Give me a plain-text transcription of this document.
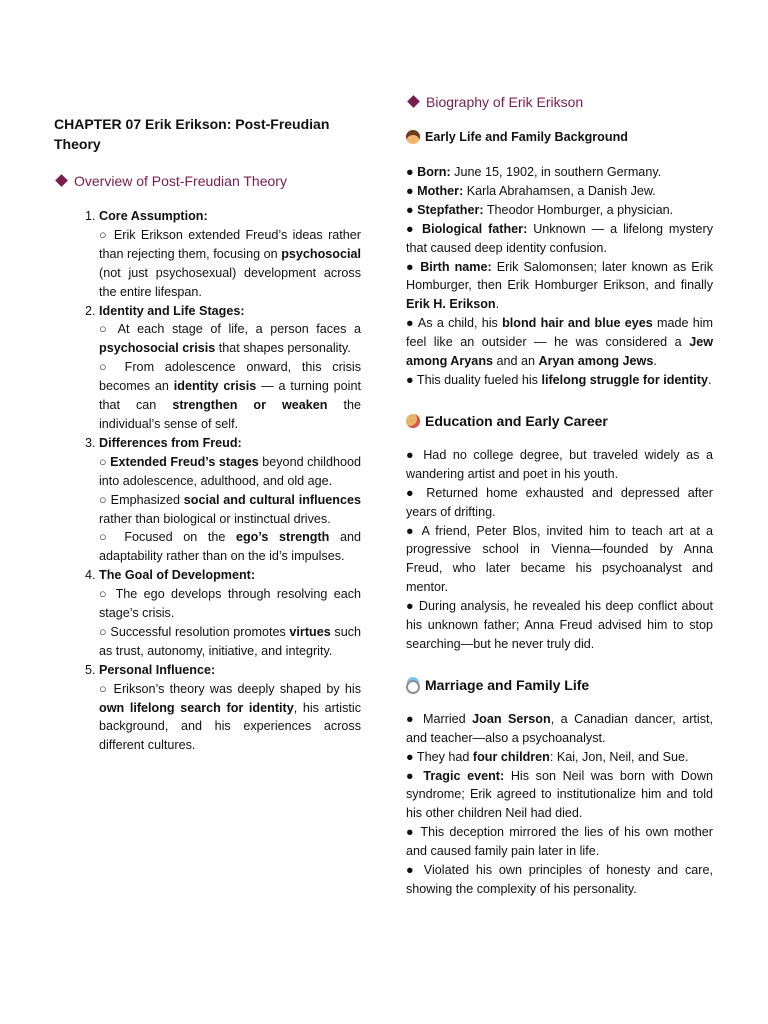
CHAPTER 07 Erik Erikson: Post-Freudian Theory

Overview of Post-Freudian Theory

1. Core Assumption:
○ Erik Erikson extended Freud’s ideas rather than rejecting them, focusing on psychosocial (not just psychosexual) development across the entire lifespan.
2. Identity and Life Stages:
○ At each stage of life, a person faces a psychosocial crisis that shapes personality.
○ From adolescence onward, this crisis becomes an identity crisis — a turning point that can strengthen or weaken the individual’s sense of self.
3. Differences from Freud:
○ Extended Freud’s stages beyond childhood into adolescence, adulthood, and old age.
○ Emphasized social and cultural influences rather than biological or instinctual drives.
○ Focused on the ego’s strength and adaptability rather than on the id’s impulses.
4. The Goal of Development:
○ The ego develops through resolving each stage’s crisis.
○ Successful resolution promotes virtues such as trust, autonomy, initiative, and integrity.
5. Personal Influence:
○ Erikson’s theory was deeply shaped by his own lifelong search for identity, his artistic background, and his experiences across different cultures.

Biography of Erik Erikson

Early Life and Family Background

● Born: June 15, 1902, in southern Germany.

● Mother: Karla Abrahamsen, a Danish Jew.

● Stepfather: Theodor Homburger, a physician.

● Biological father: Unknown — a lifelong mystery that caused deep identity confusion.

● Birth name: Erik Salomonsen; later known as Erik Homburger, then Erik Homburger Erikson, and finally Erik H. Erikson.

● As a child, his blond hair and blue eyes made him feel like an outsider — he was considered a Jew among Aryans and an Aryan among Jews.

● This duality fueled his lifelong struggle for identity.

Education and Early Career

● Had no college degree, but traveled widely as a wandering artist and poet in his youth.

● Returned home exhausted and depressed after years of drifting.

● A friend, Peter Blos, invited him to teach art at a progressive school in Vienna—founded by Anna Freud, who later became his psychoanalyst and mentor.

● During analysis, he revealed his deep conflict about his unknown father; Anna Freud advised him to stop searching—but he never truly did.

Marriage and Family Life

● Married Joan Serson, a Canadian dancer, artist, and teacher—also a psychoanalyst.

● They had four children: Kai, Jon, Neil, and Sue.

● Tragic event: His son Neil was born with Down syndrome; Erik agreed to institutionalize him and told his other children Neil had died.

● This deception mirrored the lies of his own mother and caused family pain later in life.

● Violated his own principles of honesty and care, showing the complexity of his personality.
